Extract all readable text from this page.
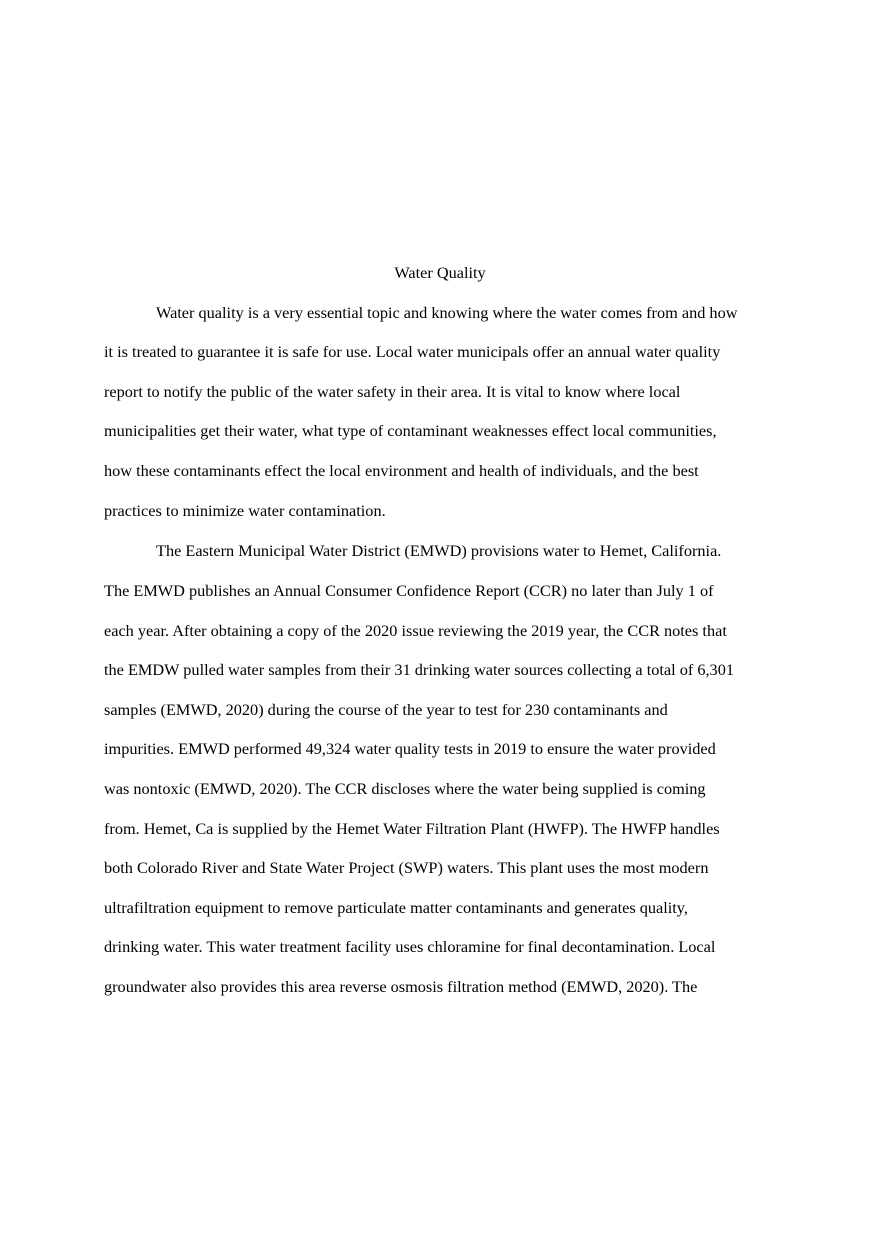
Water Quality
Water quality is a very essential topic and knowing where the water comes from and how
it is treated to guarantee it is safe for use. Local water municipals offer an annual water quality
report to notify the public of the water safety in their area. It is vital to know where local
municipalities get their water, what type of contaminant weaknesses effect local communities,
how these contaminants effect the local environment and health of individuals, and the best
practices to minimize water contamination.
The Eastern Municipal Water District (EMWD) provisions water to Hemet, California.
The EMWD publishes an Annual Consumer Confidence Report (CCR) no later than July 1 of
each year. After obtaining a copy of the 2020 issue reviewing the 2019 year, the CCR notes that
the EMDW pulled water samples from their 31 drinking water sources collecting a total of 6,301
samples (EMWD, 2020) during the course of the year to test for 230 contaminants and
impurities. EMWD performed 49,324 water quality tests in 2019 to ensure the water provided
was nontoxic (EMWD, 2020). The CCR discloses where the water being supplied is coming
from. Hemet, Ca is supplied by the Hemet Water Filtration Plant (HWFP). The HWFP handles
both Colorado River and State Water Project (SWP) waters. This plant uses the most modern
ultrafiltration equipment to remove particulate matter contaminants and generates quality,
drinking water. This water treatment facility uses chloramine for final decontamination. Local
groundwater also provides this area reverse osmosis filtration method (EMWD, 2020). The
